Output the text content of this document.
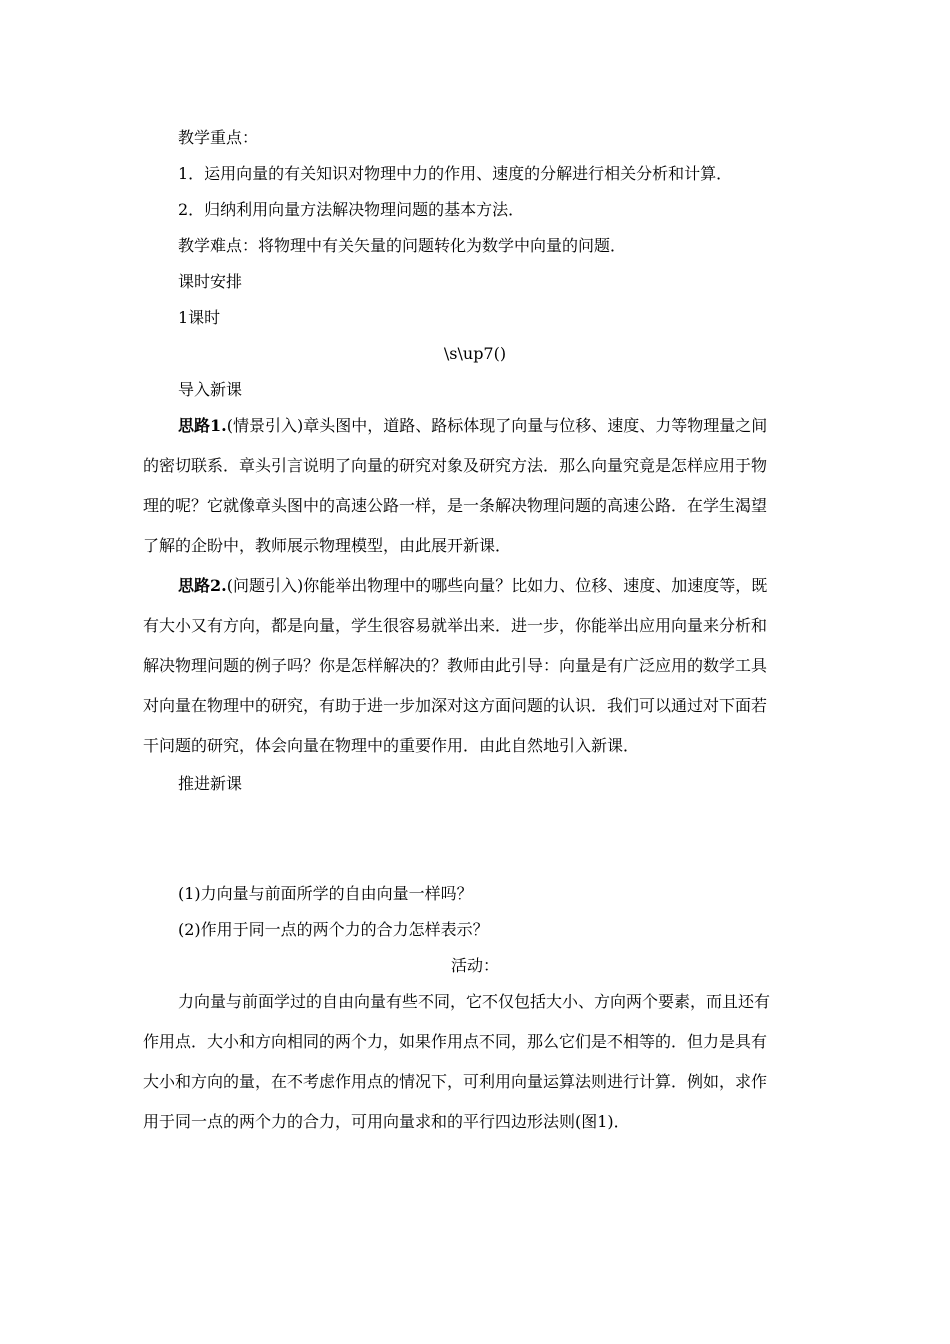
教学重点：
1．运用向量的有关知识对物理中力的作用、速度的分解进行相关分析和计算．
2．归纳利用向量方法解决物理问题的基本方法．
教学难点：将物理中有关矢量的问题转化为数学中向量的问题．
课时安排
1课时
\s\up7()
导入新课
思路1.(情景引入)章头图中，道路、路标体现了向量与位移、速度、力等物理量之间
的密切联系．章头引言说明了向量的研究对象及研究方法．那么向量究竟是怎样应用于物
理的呢？它就像章头图中的高速公路一样，是一条解决物理问题的高速公路．在学生渴望
了解的企盼中，教师展示物理模型，由此展开新课．
思路2.(问题引入)你能举出物理中的哪些向量？比如力、位移、速度、加速度等，既
有大小又有方向，都是向量，学生很容易就举出来．进一步，你能举出应用向量来分析和
解决物理问题的例子吗？你是怎样解决的？教师由此引导：向量是有广泛应用的数学工具
对向量在物理中的研究，有助于进一步加深对这方面问题的认识．我们可以通过对下面若
干问题的研究，体会向量在物理中的重要作用．由此自然地引入新课．
推进新课
(1)力向量与前面所学的自由向量一样吗？
(2)作用于同一点的两个力的合力怎样表示？
活动：
力向量与前面学过的自由向量有些不同，它不仅包括大小、方向两个要素，而且还有
作用点．大小和方向相同的两个力，如果作用点不同，那么它们是不相等的．但力是具有
大小和方向的量，在不考虑作用点的情况下，可利用向量运算法则进行计算．例如，求作
用于同一点的两个力的合力，可用向量求和的平行四边形法则(图1)．
